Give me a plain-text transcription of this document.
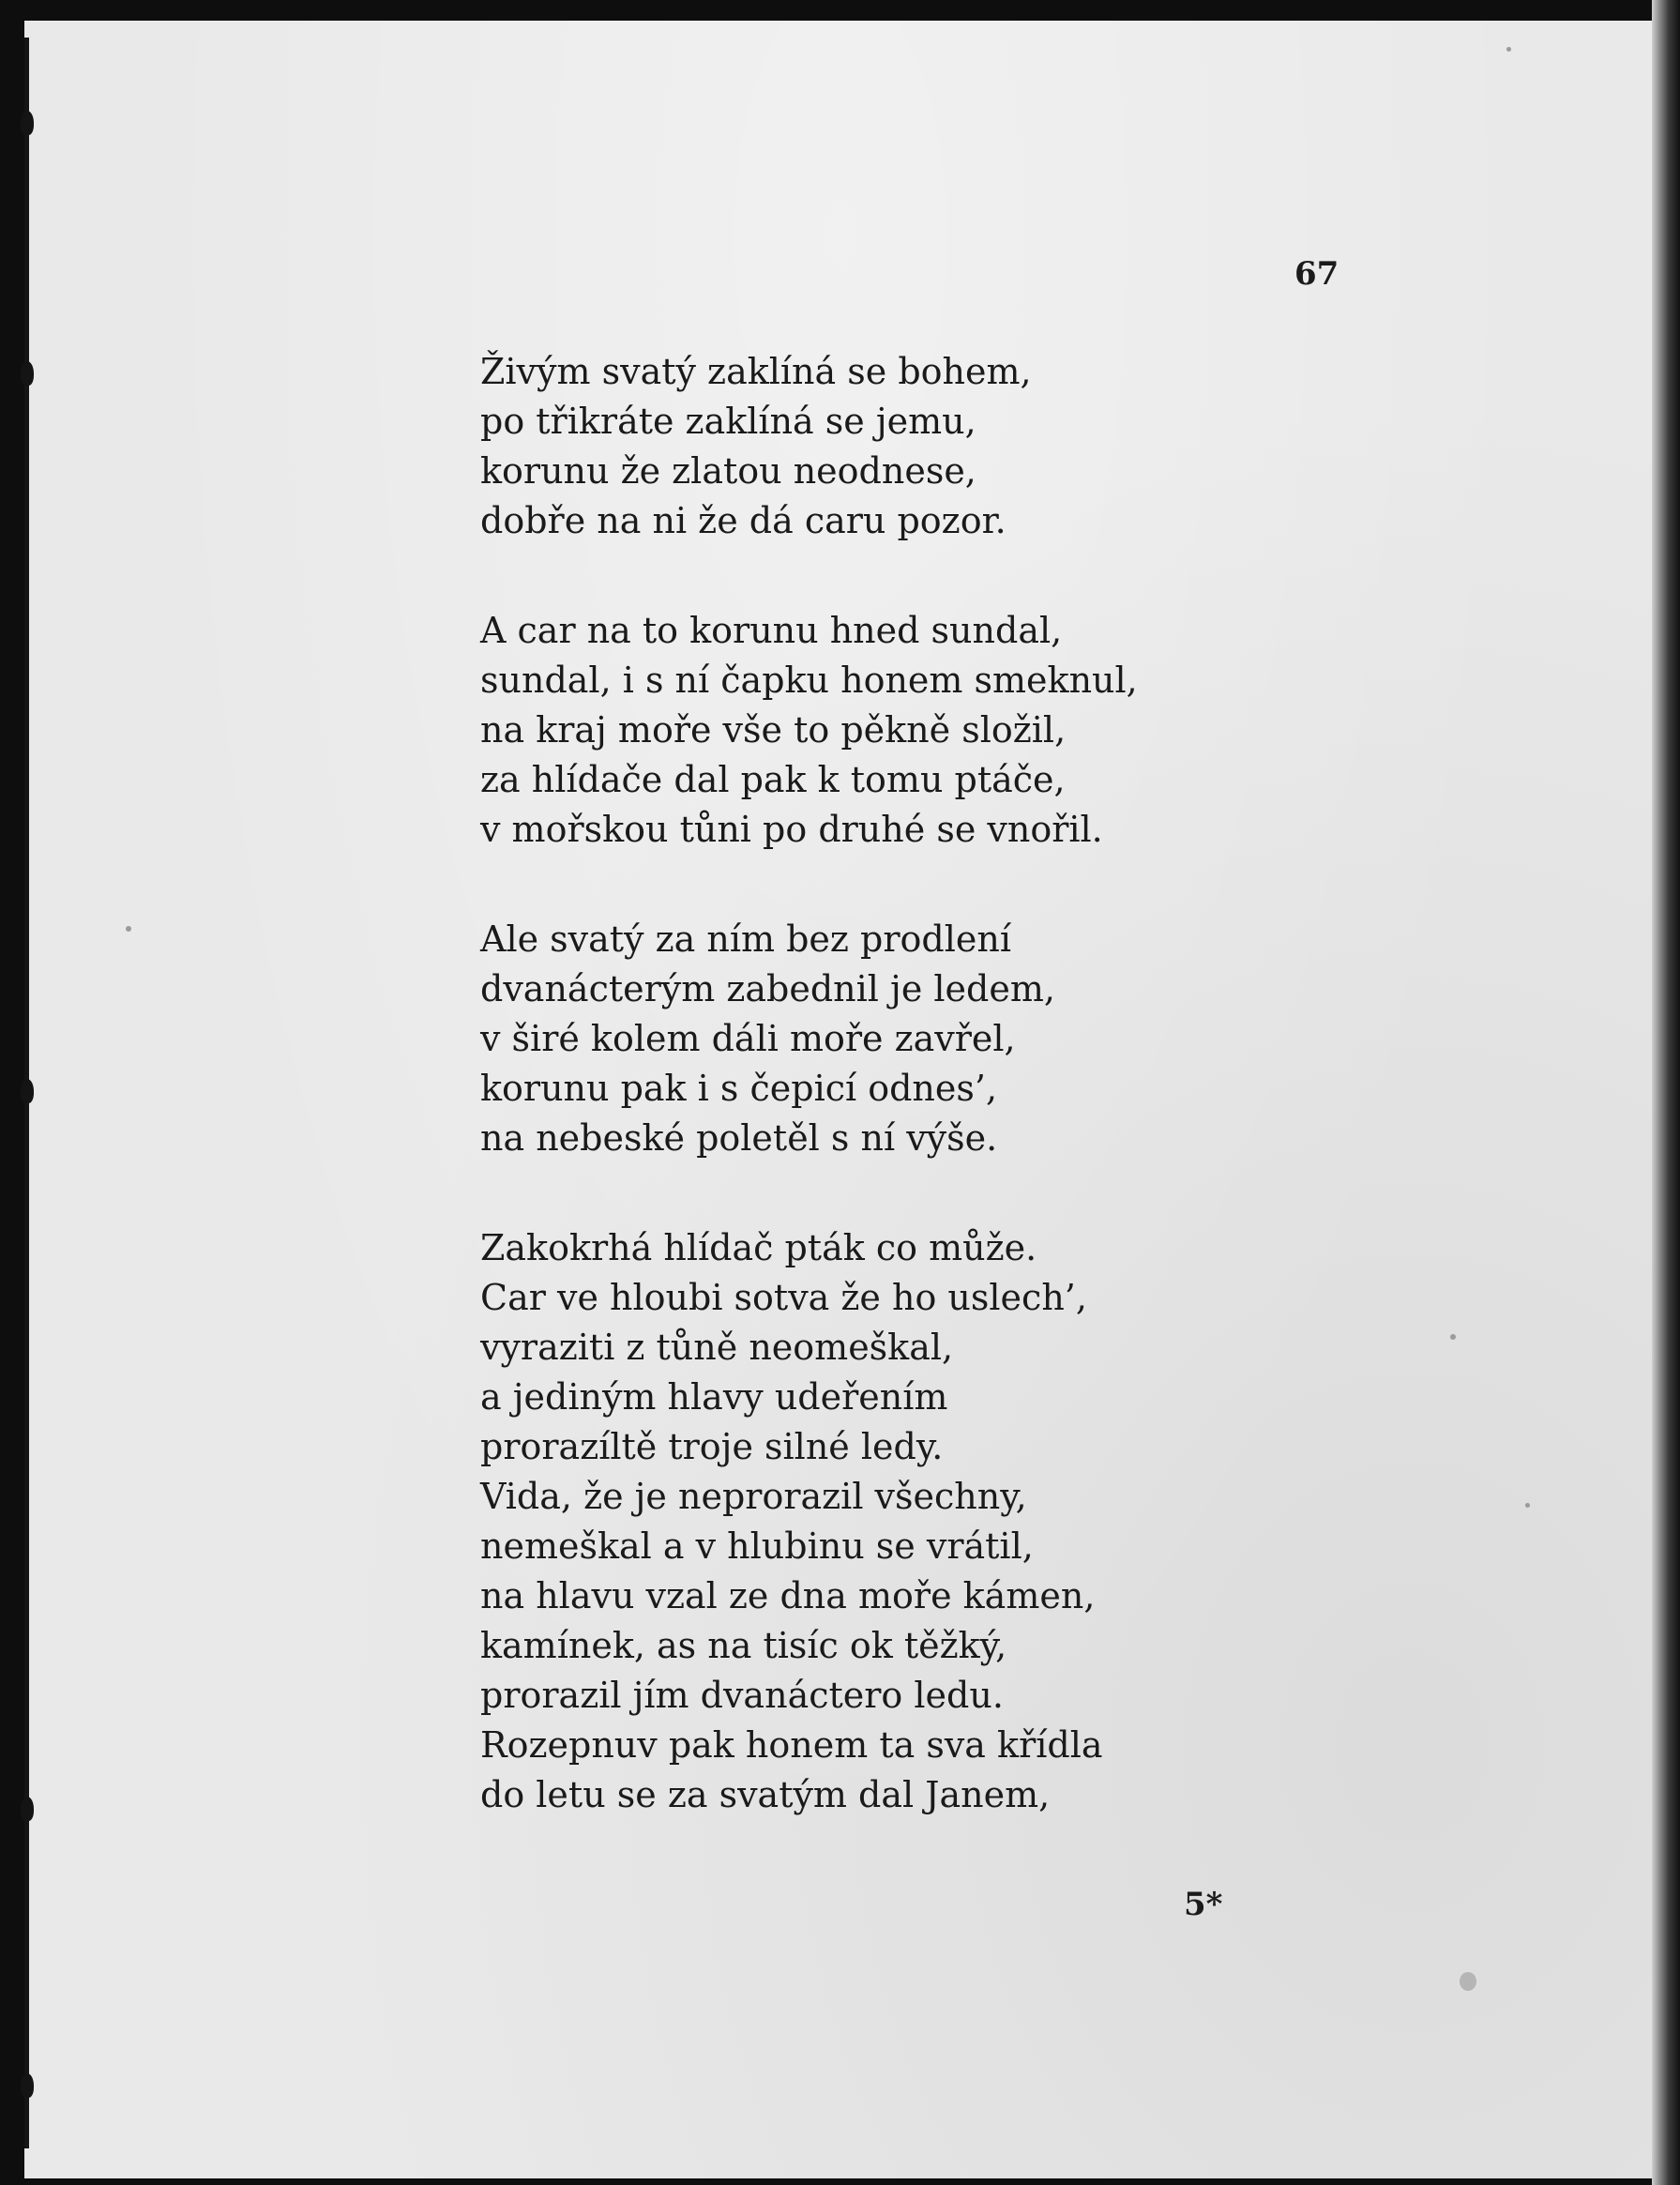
67
Živým svatý zaklíná se bohem,
po třikráte zaklíná se jemu,
korunu že zlatou neodnese,
dobře na ni že dá caru pozor.
A car na to korunu hned sundal,
sundal, i s ní čapku honem smeknul,
na kraj moře vše to pěkně složil,
za hlídače dal pak k tomu ptáče,
v mořskou tůni po druhé se vnořil.
Ale svatý za ním bez prodlení
dvanácterým zabednil je ledem,
v širé kolem dáli moře zavřel,
korunu pak i s čepicí odnes’,
na nebeské poletěl s ní výše.
Zakokrhá hlídač pták co může.
Car ve hloubi sotva že ho uslech’,
vyraziti z tůně neomeškal,
a jediným hlavy udeřením
prorazíltě troje silné ledy.
Vida, že je neprorazil všechny,
nemeškal a v hlubinu se vrátil,
na hlavu vzal ze dna moře kámen,
kamínek, as na tisíc ok těžký,
prorazil jím dvanáctero ledu.
Rozepnuv pak honem ta sva křídla
do letu se za svatým dal Janem,
5*
